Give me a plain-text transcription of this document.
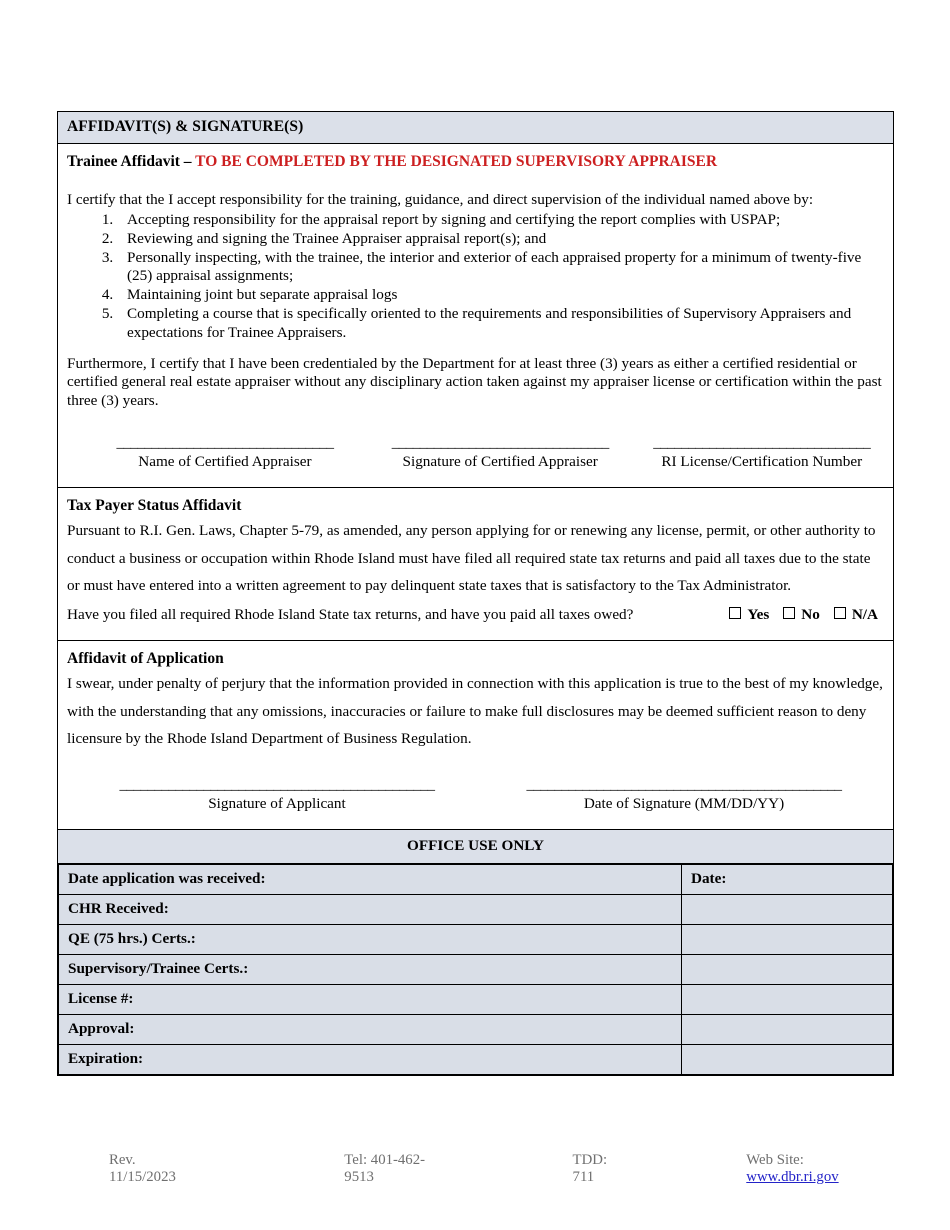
AFFIDAVIT(S) & SIGNATURE(S)
Trainee Affidavit – TO BE COMPLETED BY THE DESIGNATED SUPERVISORY APPRAISER

I certify that the I accept responsibility for the training, guidance, and direct supervision of the individual named above by:

1. Accepting responsibility for the appraisal report by signing and certifying the report complies with USPAP;
2. Reviewing and signing the Trainee Appraiser appraisal report(s); and
3. Personally inspecting, with the trainee, the interior and exterior of each appraised property for a minimum of twenty-five (25) appraisal assignments;
4. Maintaining joint but separate appraisal logs
5. Completing a course that is specifically oriented to the requirements and responsibilities of Supervisory Appraisers and expectations for Trainee Appraisers.

Furthermore, I certify that I have been credentialed by the Department for at least three (3) years as either a certified residential or certified general real estate appraiser without any disciplinary action taken against my appraiser license or certification within the past three (3) years.

_______________________________
Name of Certified Appraiser
_______________________________
Signature of Certified Appraiser
_______________________________
RI License/Certification Number
Tax Payer Status Affidavit

Pursuant to R.I. Gen. Laws, Chapter 5-79, as amended, any person applying for or renewing any license, permit, or other authority to conduct a business or occupation within Rhode Island must have filed all required state tax returns and paid all taxes due to the state or must have entered into a written agreement to pay delinquent state taxes that is satisfactory to the Tax Administrator.

Have you filed all required Rhode Island State tax returns, and have you paid all taxes owed?	Yes No N/A
Affidavit of Application

I swear, under penalty of perjury that the information provided in connection with this application is true to the best of my knowledge, with the understanding that any omissions, inaccuracies or failure to make full disclosures may be deemed sufficient reason to deny licensure by the Rhode Island Department of Business Regulation.

_____________________________________________
Signature of Applicant
_____________________________________________
Date of Signature (MM/DD/YY)
OFFICE USE ONLY
Date application was received:	Date:
CHR Received:	
QE (75 hrs.) Certs.:	
Supervisory/Trainee Certs.:	
License #:	
Approval:	
Expiration:	
Rev. 11/15/2023
Tel: 401-462-9513
TDD: 711
Web Site: www.dbr.ri.gov
